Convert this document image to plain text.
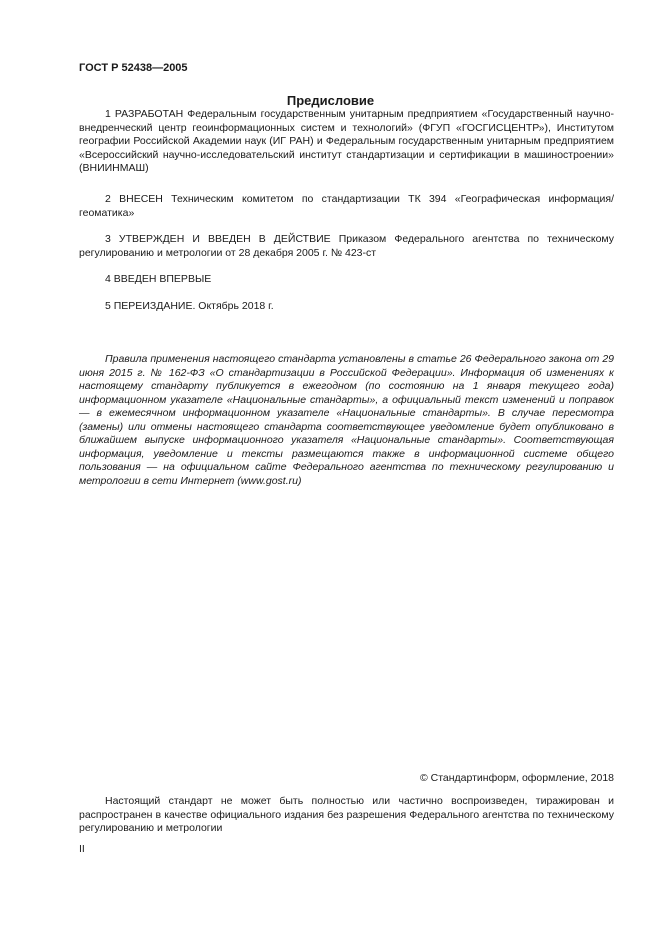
ГОСТ Р 52438—2005
Предисловие

1 РАЗРАБОТАН Федеральным государственным унитарным предприятием «Государственный научно-внедренческий центр геоинформационных систем и технологий» (ФГУП «ГОСГИСЦЕНТР»), Институтом географии Российской Академии наук (ИГ РАН) и Федеральным государственным унитарным предприятием «Всероссийский научно-исследовательский институт стандартизации и сертификации в машиностроении» (ВНИИНМАШ)

2 ВНЕСЕН Техническим комитетом по стандартизации ТК 394 «Географическая информация/ геоматика»

3 УТВЕРЖДЕН И ВВЕДЕН В ДЕЙСТВИЕ Приказом Федерального агентства по техническому регулированию и метрологии от 28 декабря 2005 г. № 423-ст

4 ВВЕДЕН ВПЕРВЫЕ

5 ПЕРЕИЗДАНИЕ. Октябрь 2018 г.

Правила применения настоящего стандарта установлены в статье 26 Федерального закона от 29 июня 2015 г. № 162-ФЗ «О стандартизации в Российской Федерации». Информация об изменениях к настоящему стандарту публикуется в ежегодном (по состоянию на 1 января текущего года) информационном указателе «Национальные стандарты», а официальный текст изменений и поправок — в ежемесячном информационном указателе «Национальные стандарты». В случае пересмотра (замены) или отмены настоящего стандарта соответствующее уведомление будет опубликовано в ближайшем выпуске информационного указателя «Национальные стандарты». Соответствующая информация, уведомление и тексты размещаются также в информационной системе общего пользования — на официальном сайте Федерального агентства по техническому регулированию и метрологии в сети Интернет (www.gost.ru)

© Стандартинформ, оформление, 2018

Настоящий стандарт не может быть полностью или частично воспроизведен, тиражирован и распространен в качестве официального издания без разрешения Федерального агентства по техническому регулированию и метрологии

II
